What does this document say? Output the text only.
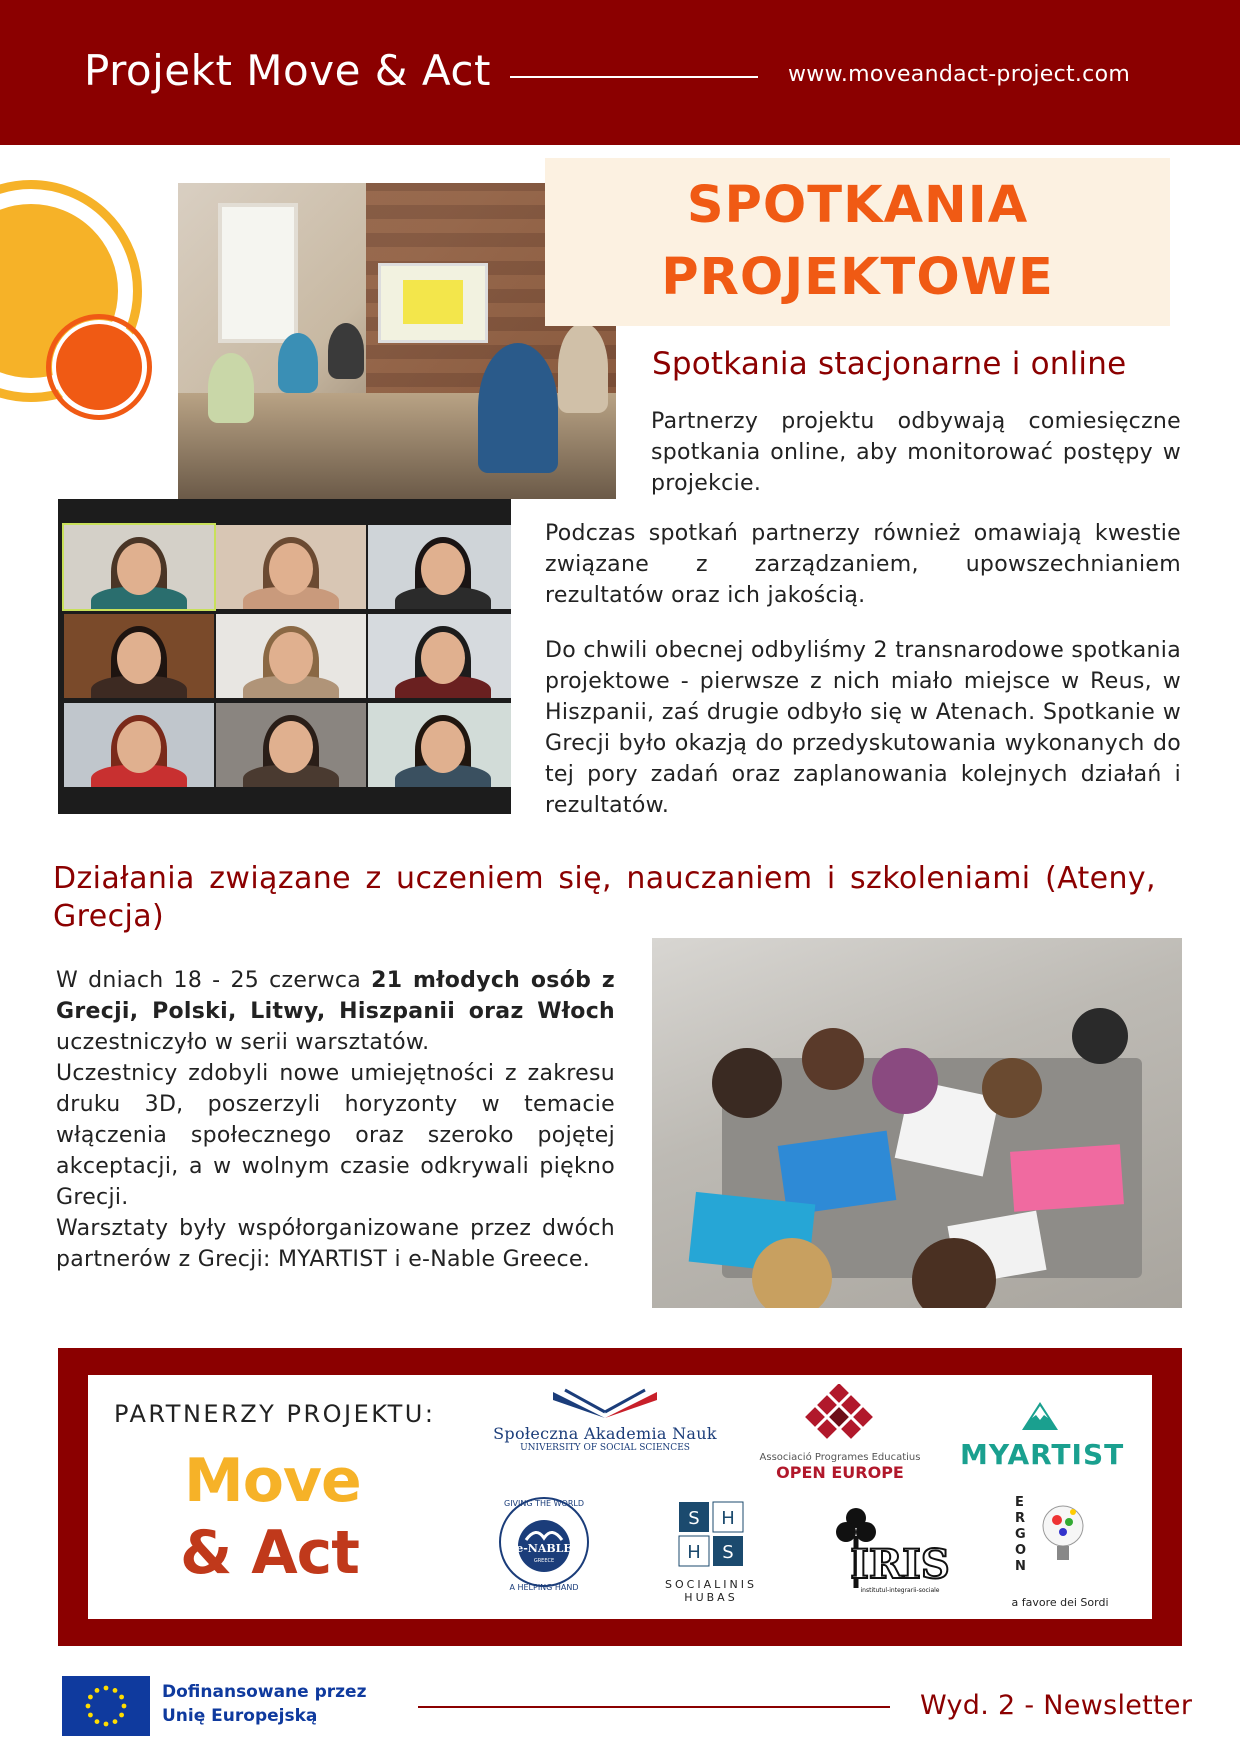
Projekt Move & Act	www.moveandact-project.com
SPOTKANIA
PROJEKTOWE
Spotkania stacjonarne i online

Partnerzy projektu odbywają comiesięczne spotkania online, aby monitorować postępy w projekcie.

Podczas spotkań partnerzy również omawiają kwestie związane z zarządzaniem, upowszechnianiem rezultatów oraz ich jakością.

Do chwili obecnej odbyliśmy 2 transnarodowe spotkania projektowe - pierwsze z nich miało miejsce w Reus, w Hiszpanii, zaś drugie odbyło się w Atenach. Spotkanie w Grecji było okazją do przedyskutowania wykonanych do tej pory zadań oraz zaplanowania kolejnych działań i rezultatów.

Działania związane z uczeniem się, nauczaniem i szkoleniami (Ateny, Grecja)
W dniach 18 - 25 czerwca 21 młodych osób z Grecji, Polski, Litwy, Hiszpanii oraz Włoch uczestniczyło w serii warsztatów.

Uczestnicy zdobyli nowe umiejętności z zakresu druku 3D, poszerzyli horyzonty w temacie włączenia społecznego oraz szeroko pojętej akceptacji, a w wolnym czasie odkrywali piękno Grecji.

Warsztaty były współorganizowane przez dwóch partnerów z Grecji: MYARTIST i e-Nable Greece.

PARTNERZY PROJEKTU:
Move
& Act
Społeczna Akademia Nauk
UNIVERSITY OF SOCIAL SCIENCES
Associació Programes Educatius
OPEN EUROPE
MYARTIST
e-NABLE
GREECE
GIVING THE WORLD
A HELPING HAND
S H
H S
SOCIALINIS HUBAS
IRIS
institutul-integrarii-sociale
E
R
G
O
N
a favore dei Sordi
Dofinansowane przez
Unię Europejską	Wyd. 2 - Newsletter
